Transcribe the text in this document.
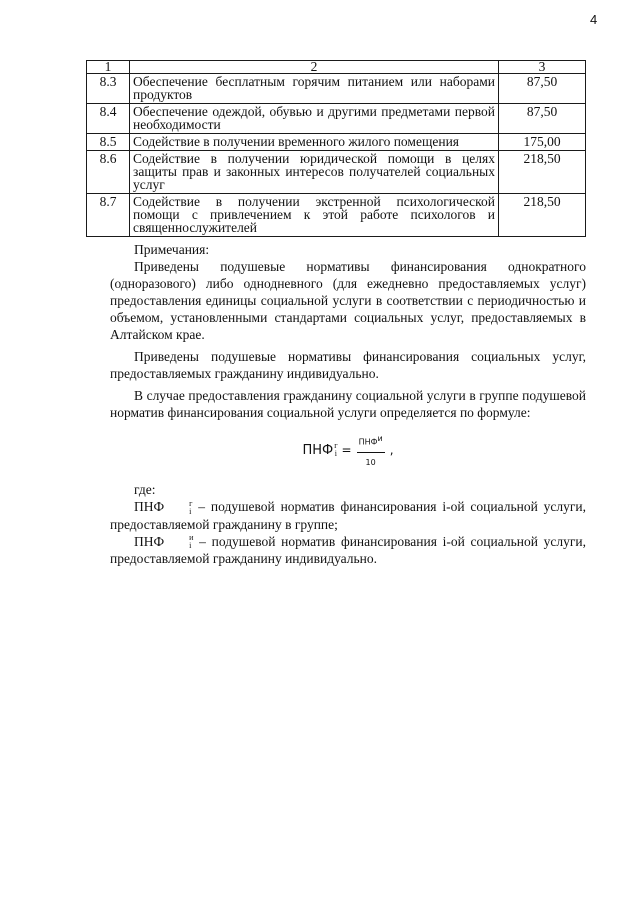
4
1	2	3
8.3	Обеспечение бесплатным горячим питанием или наборами продуктов	87,50
8.4	Обеспечение одеждой, обувью и другими предметами первой необходимости	87,50
8.5	Содействие в получении временного жилого помещения	175,00
8.6	Содействие в получении юридической помощи в целях защиты прав и законных интересов получателей социальных услуг	218,50
8.7	Содействие в получении экстренной психологической помощи с привлечением к этой работе психологов и священнослужителей	218,50

Примечания:

Приведены подушевые нормативы финансирования однократного (одноразового) либо однодневного (для ежедневно предоставляемых услуг) предоставления единицы социальной услуги в соответствии с периодичностью и объемом, установленными стандартами социальных услуг, предоставляемых в Алтайском крае.

Приведены подушевые нормативы финансирования социальных услуг, предоставляемых гражданину индивидуально.

В случае предоставления гражданину социальной услуги в группе подушевой норматив финансирования социальной услуги определяется по формуле:

ПНФ г
$i = \frac{ПНФ^и}{10}$ ,

где:

ПНФ	г
i – подушевой норматив финансирования i-ой социальной услуги, предоставляемой гражданину в группе;

ПНФ	и
i – подушевой норматив финансирования i-ой социальной услуги, предоставляемой гражданину индивидуально.
